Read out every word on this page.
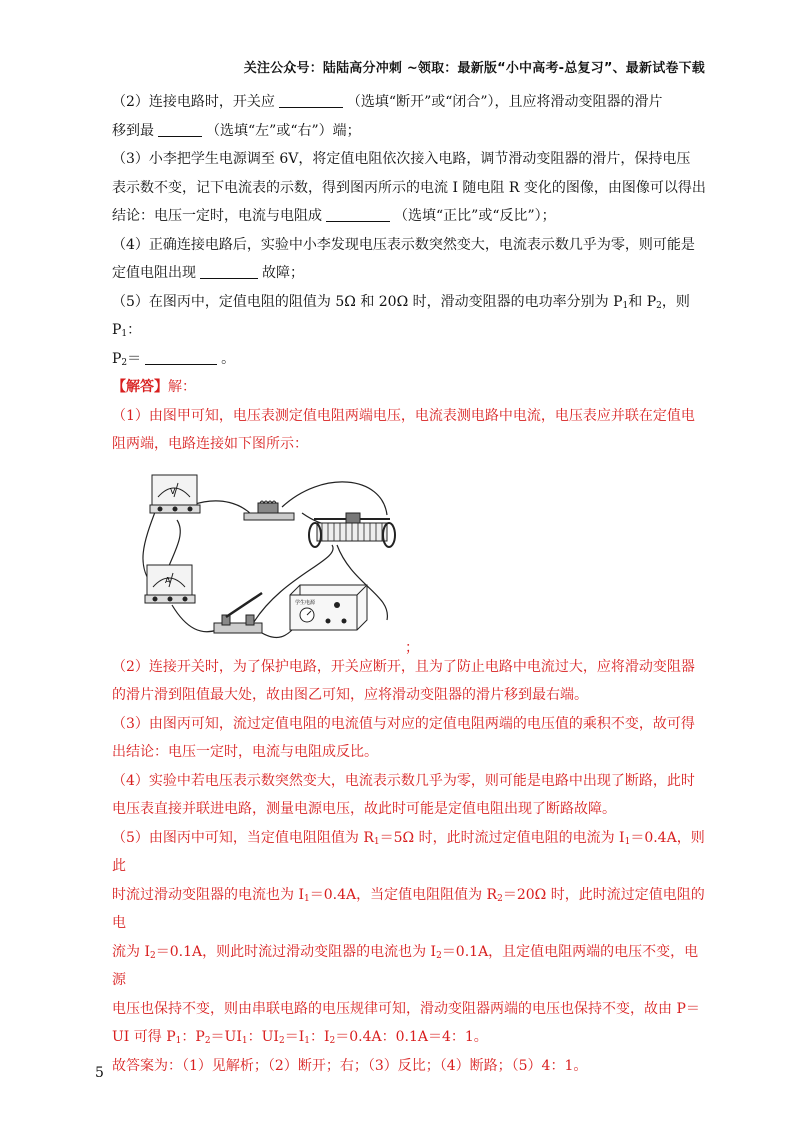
关注公众号：陆陆高分冲刺 ~领取：最新版“小中高考-总复习”、最新试卷下载

（2）连接电路时，开关应	（选填“断开”或“闭合”），且应将滑动变阻器的滑片
移到最	（选填“左”或“右”）端；

（3）小李把学生电源调至 6V，将定值电阻依次接入电路，调节滑动变阻器的滑片，保持电压
表示数不变，记下电流表的示数，得到图丙所示的电流 I 随电阻 R 变化的图像，由图像可以得出
结论：电压一定时，电流与电阻成	（选填“正比”或“反比”）；

（4）正确连接电路后，实验中小李发现电压表示数突然变大，电流表示数几乎为零，则可能是
定值电阻出现	故障；

（5）在图丙中，定值电阻的阻值为 5Ω 和 20Ω 时，滑动变阻器的电功率分别为 $P_1$和 $P_2$，则 $P_1$：
$P_2=$	。

【解答】解：

（1）由图甲可知，电压表测定值电阻两端电压，电流表测电路中电流，电压表应并联在定值电
阻两端，电路连接如下图所示：

V
A
学生电源

（2）连接开关时，为了保护电路，开关应断开，且为了防止电路中电流过大，应将滑动变阻器
的滑片滑到阻值最大处，故由图乙可知，应将滑动变阻器的滑片移到最右端。

（3）由图丙可知，流过定值电阻的电流值与对应的定值电阻两端的电压值的乘积不变，故可得
出结论：电压一定时，电流与电阻成反比。

（4）实验中若电压表示数突然变大，电流表示数几乎为零，则可能是电路中出现了断路，此时
电压表直接并联进电路，测量电源电压，故此时可能是定值电阻出现了断路故障。

（5）由图丙中可知，当定值电阻阻值为 $R_1=5\Omega$ 时，此时流过定值电阻的电流为 $I_1=0.4A$，则此
时流过滑动变阻器的电流也为 $I_1=0.4A$，当定值电阻阻值为 $R_2=20\Omega$ 时，此时流过定值电阻的电
流为 $I_2=0.1A$，则此时流过滑动变阻器的电流也为 $I_2=0.1A$，且定值电阻两端的电压不变，电源
电压也保持不变，则由串联电路的电压规律可知，滑动变阻器两端的电压也保持不变，故由 P＝
UI 可得 $P_1$：$P_2=UI_1$：$UI_2=I_1$：$I_2=0.4A$：0.1A＝4：1。

故答案为：（1）见解析；（2）断开；右；（3）反比；（4）断路；（5）4：1。

；
5
